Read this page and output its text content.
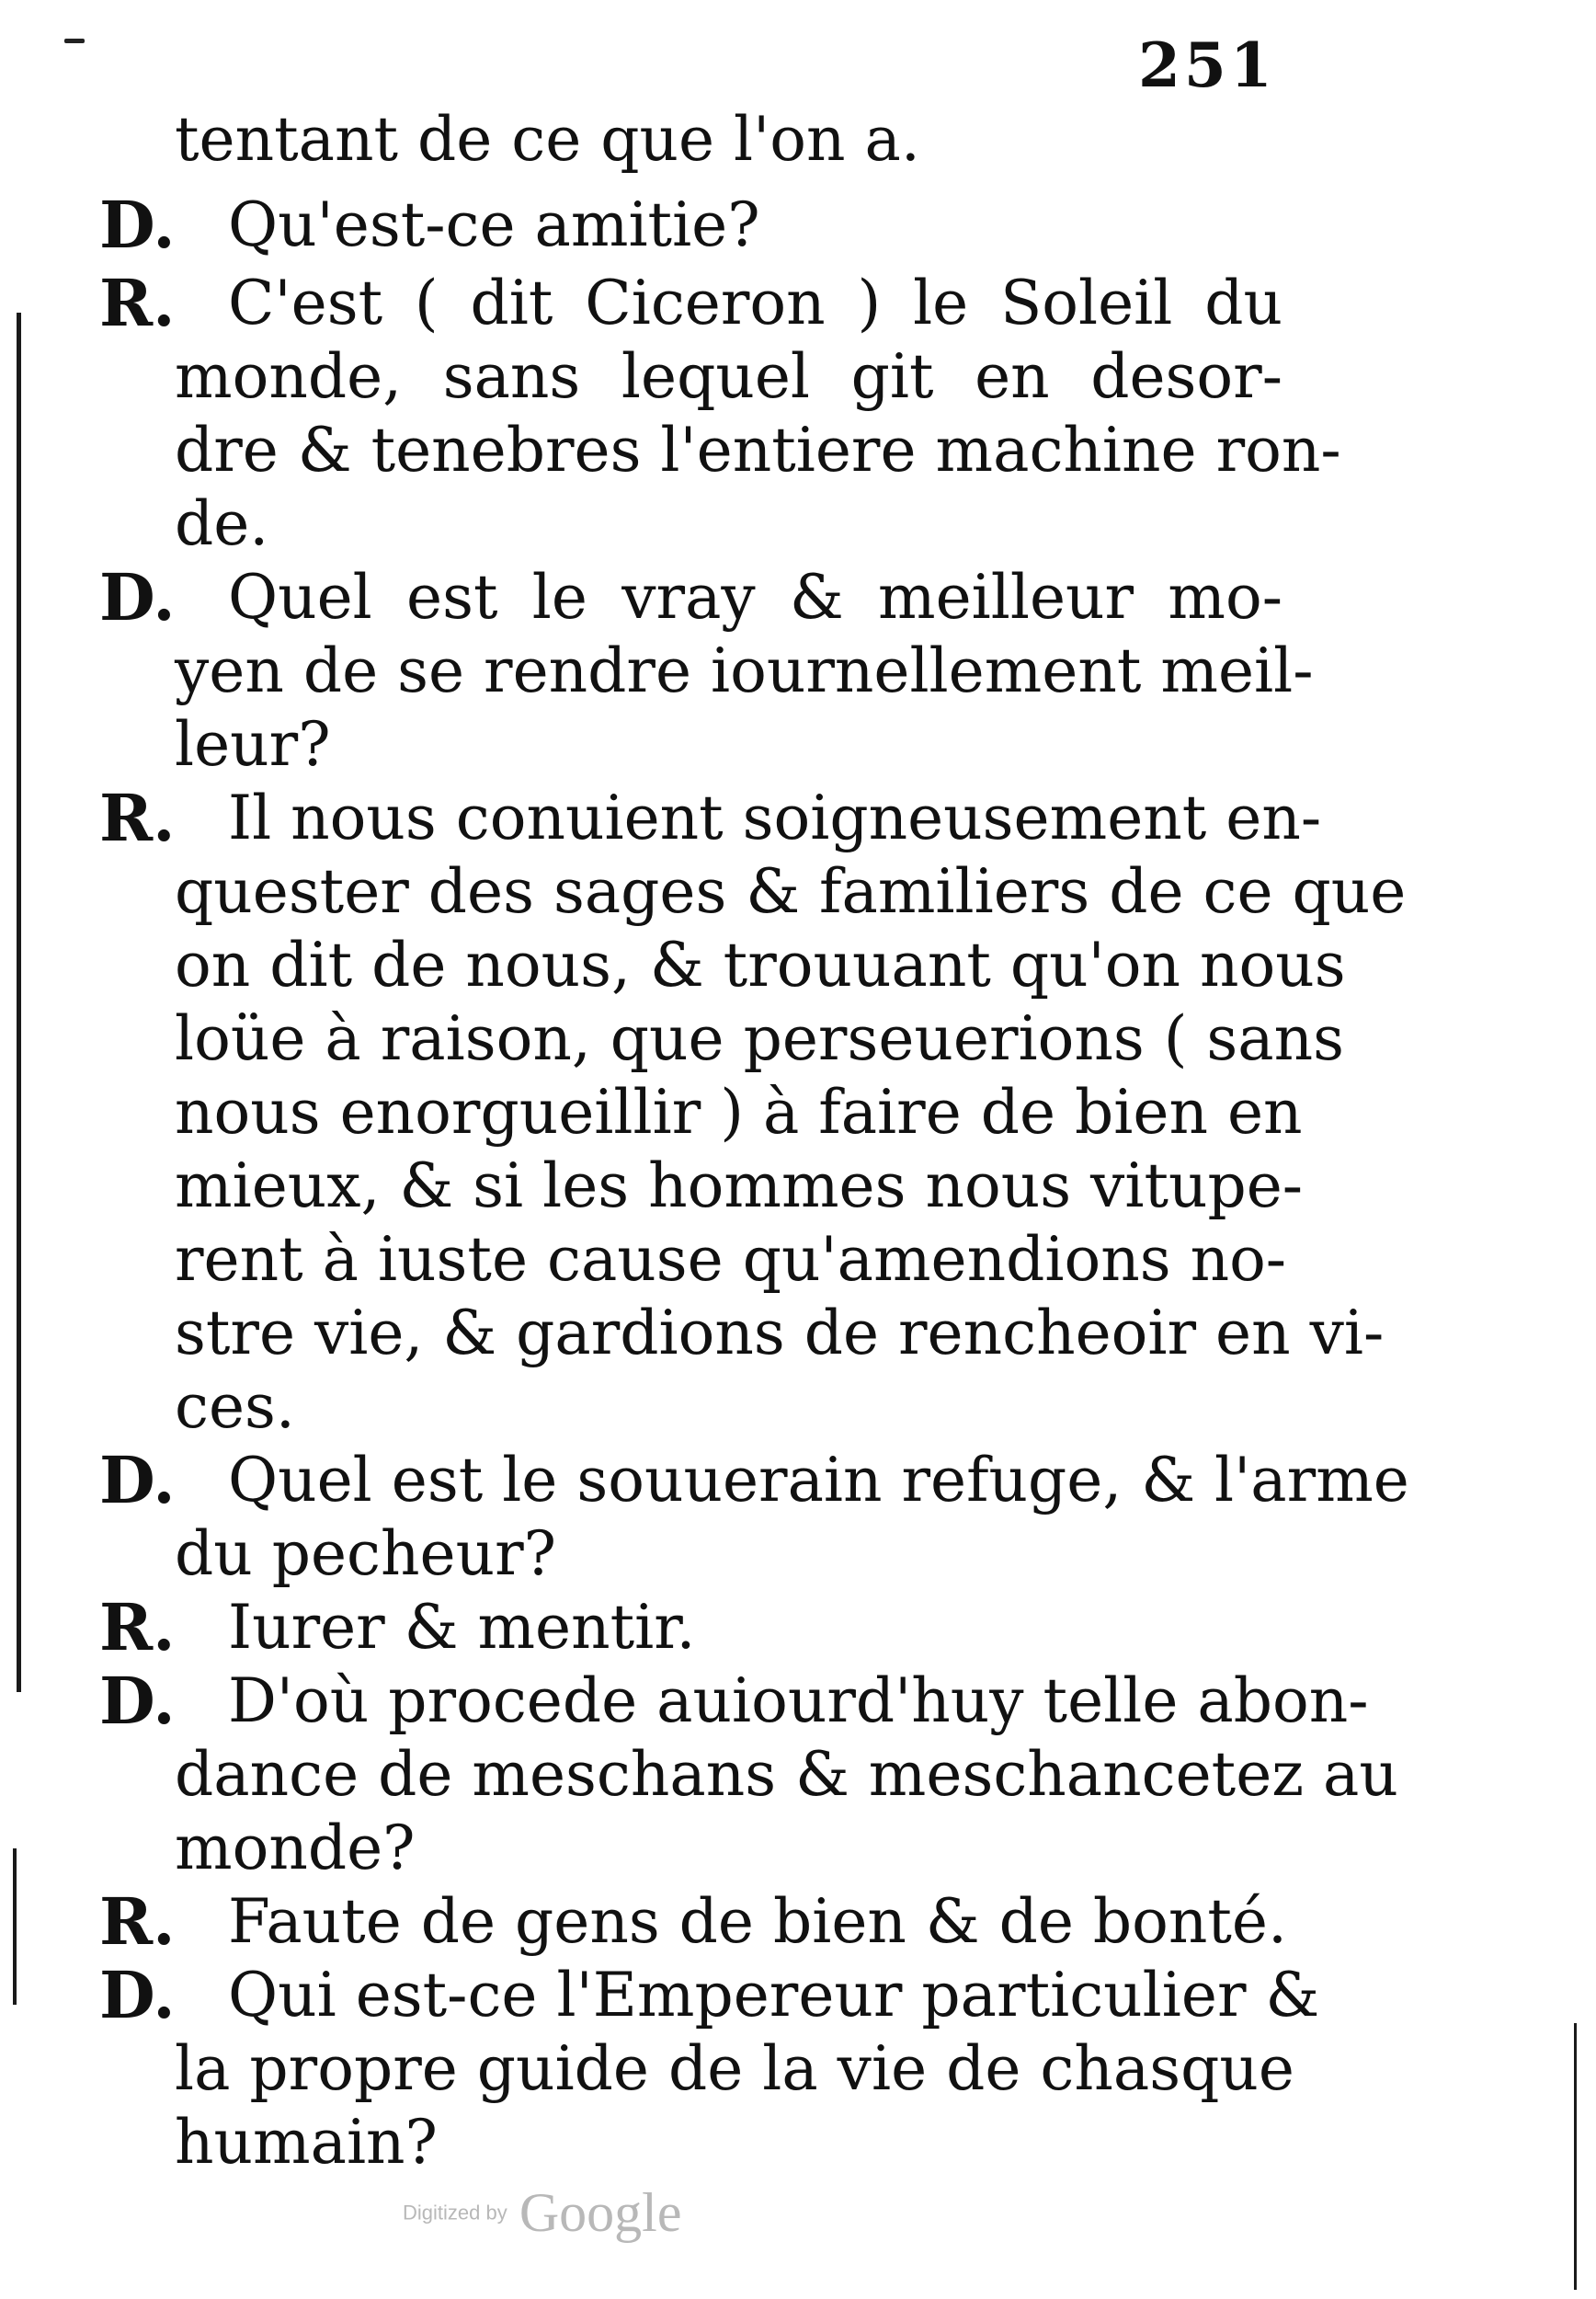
251
tentant de ce que l'on a.
D. Qu'est-ce amitie?
R. C'est ( dit Ciceron ) le Soleil du
monde, sans lequel git en desor-
dre & tenebres l'entiere machine ron-
de.
D. Quel est le vray & meilleur mo-
yen de se rendre iournellement meil-
leur?
R. Il nous conuient soigneusement en-
quester des sages & familiers de ce que
on dit de nous, & trouuant qu'on nous
loüe à raison, que perseuerions ( sans
nous enorgueillir ) à faire de bien en
mieux, & si les hommes nous vitupe-
rent à iuste cause qu'amendions no-
stre vie, & gardions de rencheoir en vi-
ces.
D. Quel est le souuerain refuge, & l'arme
du pecheur?
R. Iurer & mentir.
D. D'où procede auiourd'huy telle abon-
dance de meschans & meschancetez au
monde?
R. Faute de gens de bien & de bonté.
D. Qui est-ce l'Empereur particulier &
la propre guide de la vie de chasque
humain?
Digitized by Google
